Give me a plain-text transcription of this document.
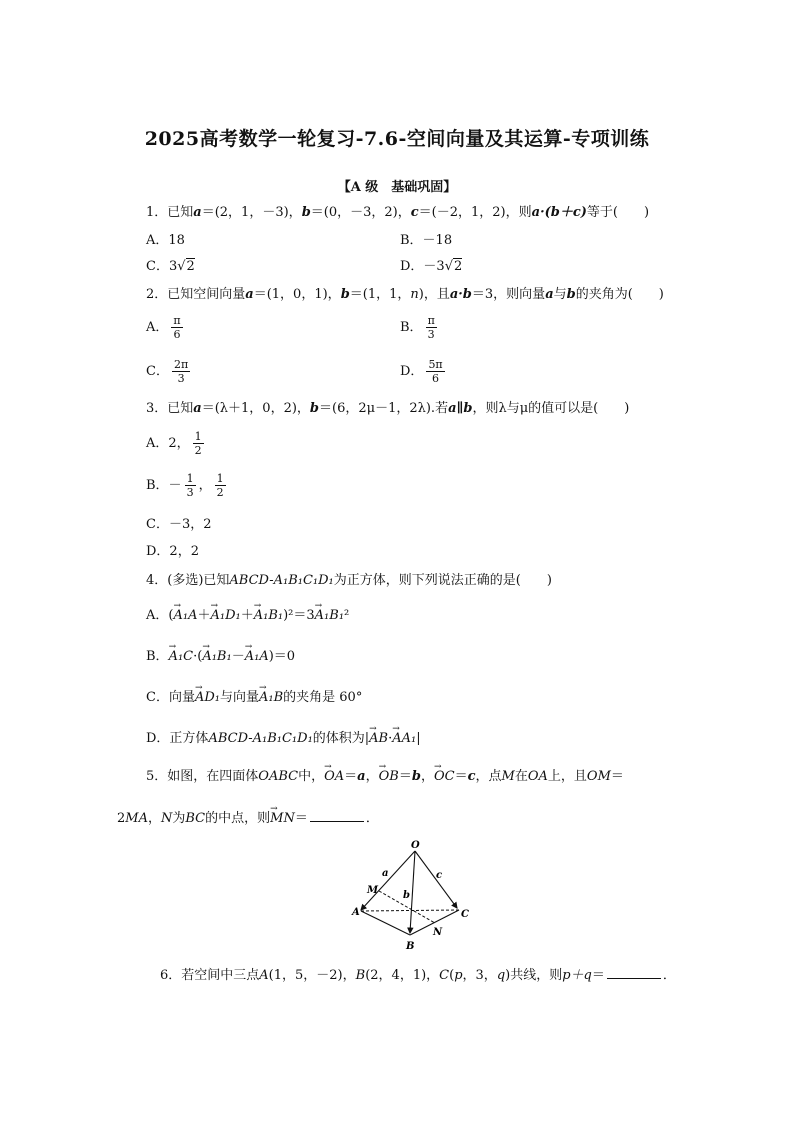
2025高考数学一轮复习-7.6-空间向量及其运算-专项训练
【A 级　基础巩固】
1．已知a＝(2，1，－3)，b＝(0，－3，2)，c＝(－2，1，2)，则a·(b＋c)等于(　　)
A．18	B．－18
C．3√2	D．－3√2
2．已知空间向量a＝(1，0，1)，b＝(1，1，n)，且a·b＝3，则向量a与b的夹角为(　　)
A． $\frac{\pi}{6}$	B． $\frac{\pi}{3}$
C． $\frac{2\pi}{3}$	D． $\frac{5\pi}{6}$
3．已知a＝(λ＋1，0，2)，b＝(6，2μ－1，2λ).若a∥b，则λ与μ的值可以是(　　)
A．2， $\frac{1}{2}$
B．－ $\frac{1}{3}$ ， $\frac{1}{2}$
C．－3，2
D．2，2
4．(多选)已知ABCD-A₁B₁C₁D₁为正方体，则下列说法正确的是(　　)
A．(→ A₁A＋→ A₁D₁＋→ A₁B₁)²＝3→ A₁B₁²
B．→ A₁C·(→ A₁B₁－→ A₁A)＝0
C．向量→ AD₁与向量→ A₁B的夹角是 60°
D．正方体ABCD-A₁B₁C₁D₁的体积为|→ AB·→ AA₁|
5．如图，在四面体OABC中，→ OA＝a，→ OB＝b，→ OC＝c，点M在OA上，且OM＝
2MA，N为BC的中点，则→ MN＝	．
O
A
B
C
M
N
a
b
c
6．若空间中三点A(1，5，－2)，B(2，4，1)，C(p，3，q)共线，则p＋q＝	．
